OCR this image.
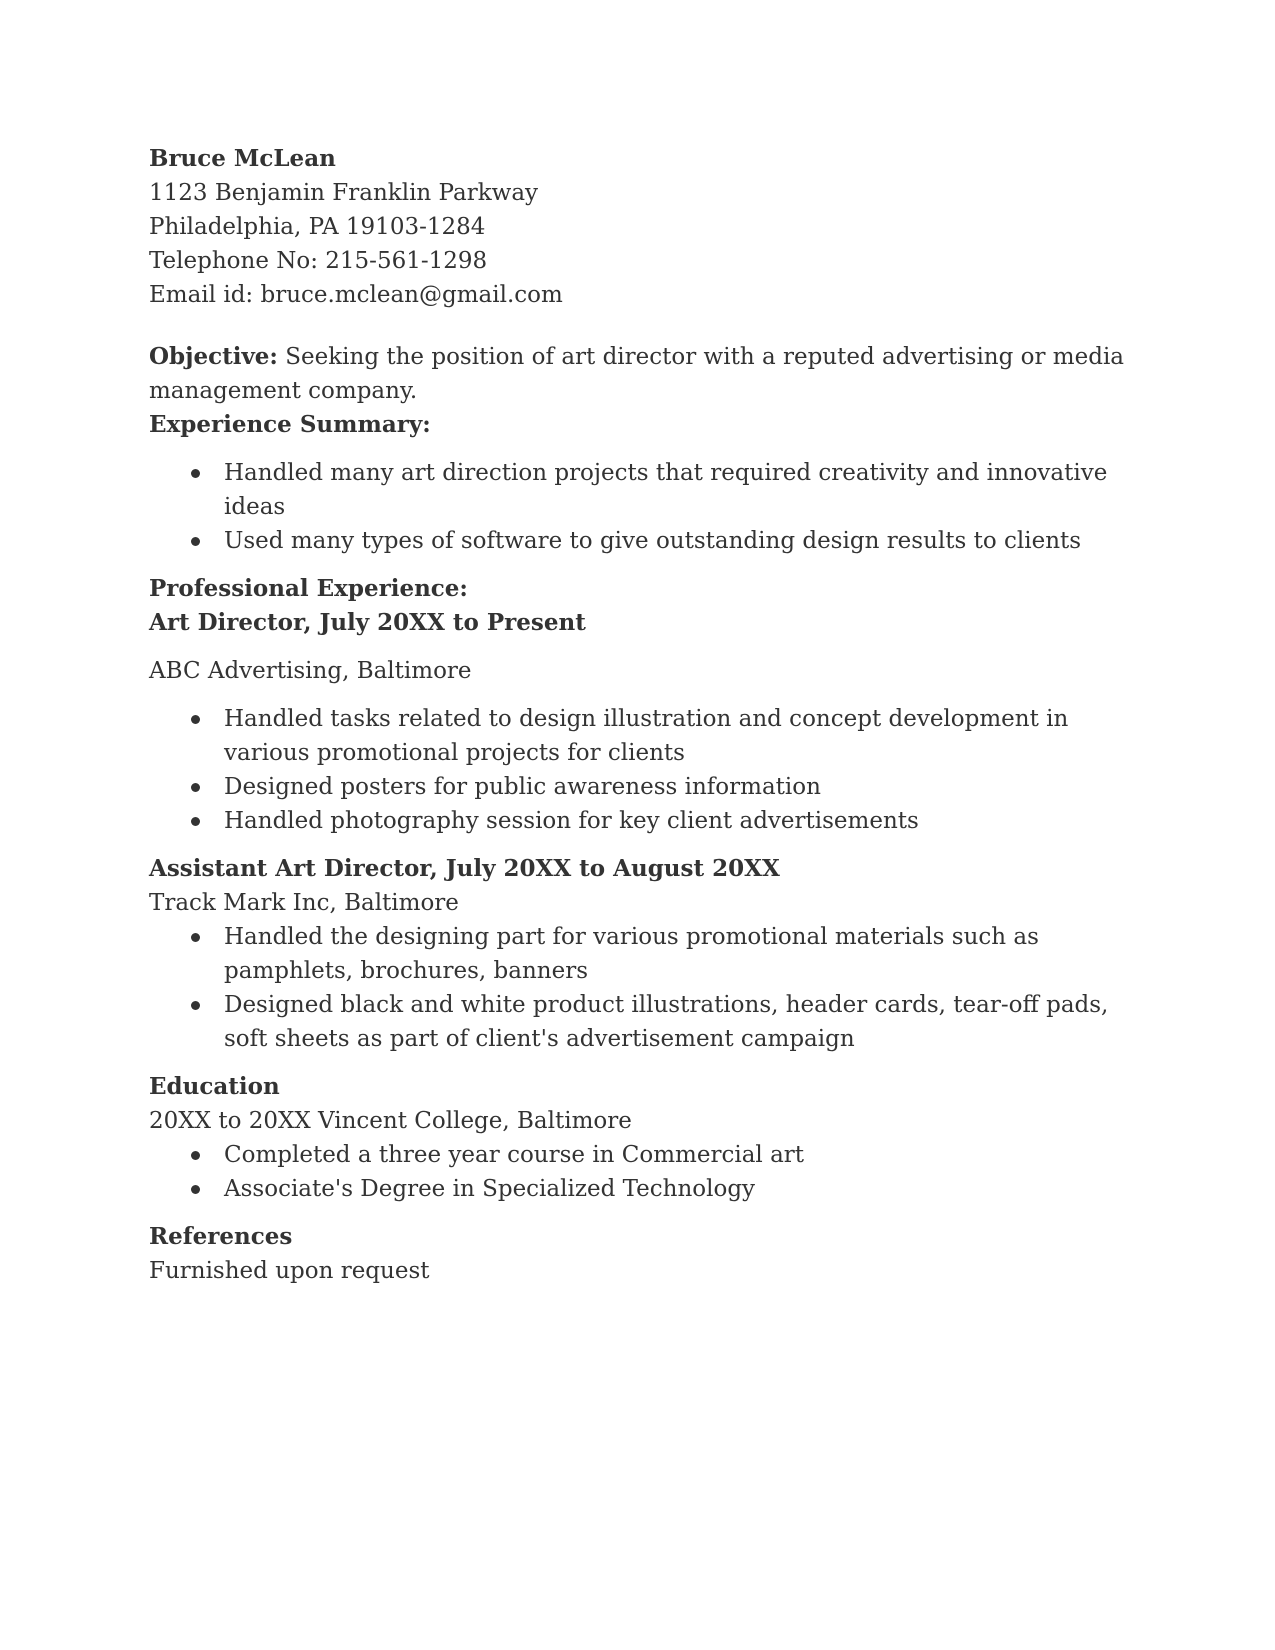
Bruce McLean

1123 Benjamin Franklin Parkway

Philadelphia, PA 19103-1284

Telephone No: 215-561-1298

Email id: bruce.mclean@gmail.com

Objective: Seeking the position of art director with a reputed advertising or media management company.

Experience Summary:

Handled many art direction projects that required creativity and innovative ideas
Used many types of software to give outstanding design results to clients

Professional Experience:

Art Director, July 20XX to Present

ABC Advertising, Baltimore

Handled tasks related to design illustration and concept development in various promotional projects for clients
Designed posters for public awareness information
Handled photography session for key client advertisements

Assistant Art Director, July 20XX to August 20XX

Track Mark Inc, Baltimore

Handled the designing part for various promotional materials such as pamphlets, brochures, banners
Designed black and white product illustrations, header cards, tear-off pads, soft sheets as part of client's advertisement campaign

Education

20XX to 20XX Vincent College, Baltimore

Completed a three year course in Commercial art
Associate's Degree in Specialized Technology

References

Furnished upon request
